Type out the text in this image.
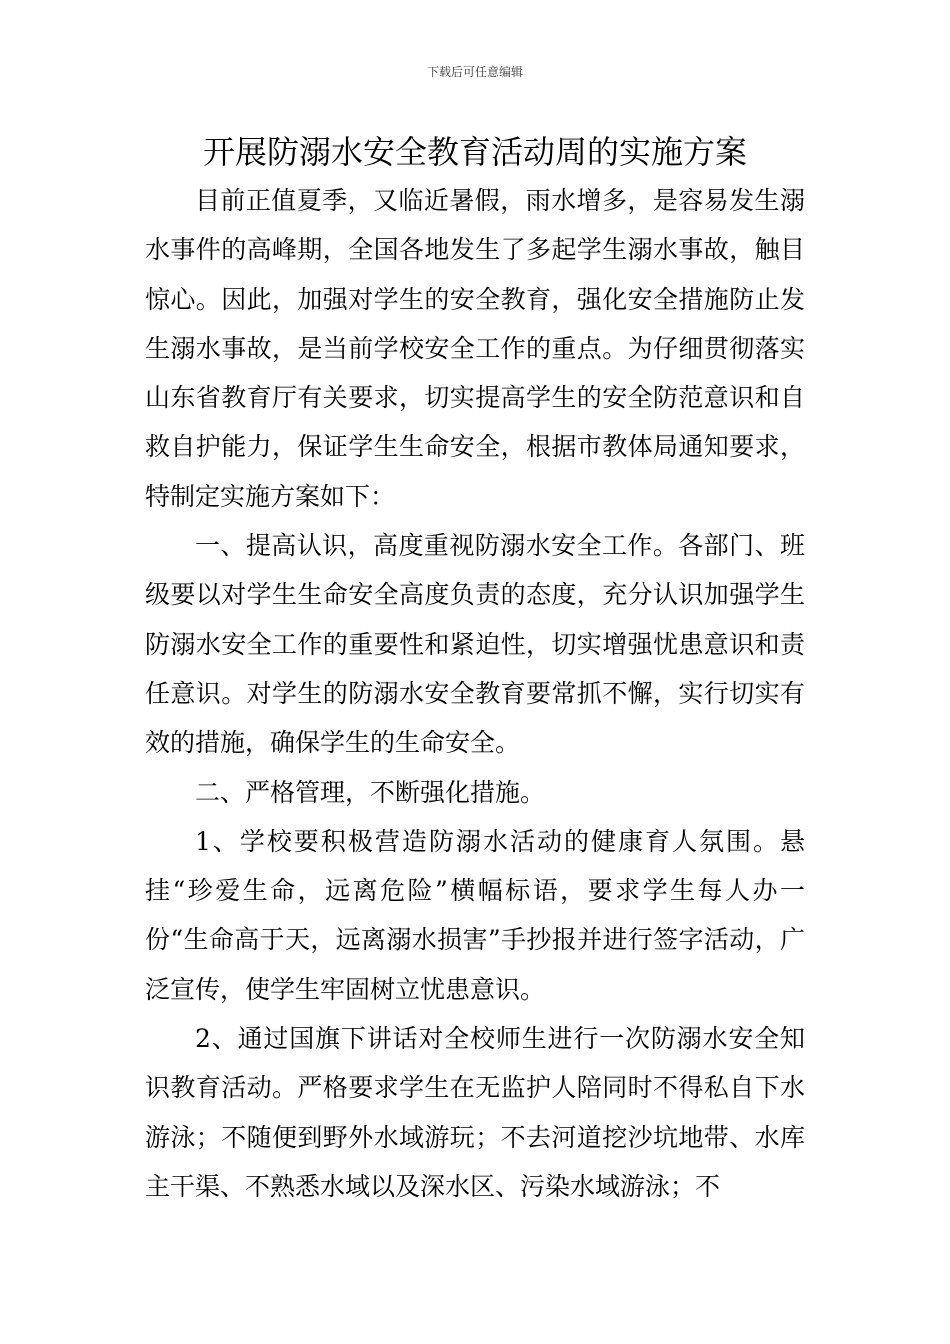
下载后可任意编辑
开展防溺水安全教育活动周的实施方案

目前正值夏季，又临近暑假，雨水增多，是容易发生溺水事件的高峰期，全国各地发生了多起学生溺水事故，触目惊心。因此，加强对学生的安全教育，强化安全措施防止发生溺水事故，是当前学校安全工作的重点。为仔细贯彻落实山东省教育厅有关要求，切实提高学生的安全防范意识和自救自护能力，保证学生生命安全，根据市教体局通知要求，特制定实施方案如下：

一、提高认识，高度重视防溺水安全工作。各部门、班级要以对学生生命安全高度负责的态度，充分认识加强学生防溺水安全工作的重要性和紧迫性，切实增强忧患意识和责任意识。对学生的防溺水安全教育要常抓不懈，实行切实有效的措施，确保学生的生命安全。

二、严格管理，不断强化措施。

1、学校要积极营造防溺水活动的健康育人氛围。悬挂“珍爱生命，远离危险”横幅标语，要求学生每人办一份“生命高于天，远离溺水损害”手抄报并进行签字活动，广泛宣传，使学生牢固树立忧患意识。

2、通过国旗下讲话对全校师生进行一次防溺水安全知识教育活动。严格要求学生在无监护人陪同时不得私自下水游泳；不随便到野外水域游玩；不去河道挖沙坑地带、水库主干渠、不熟悉水域以及深水区、污染水域游泳；不
